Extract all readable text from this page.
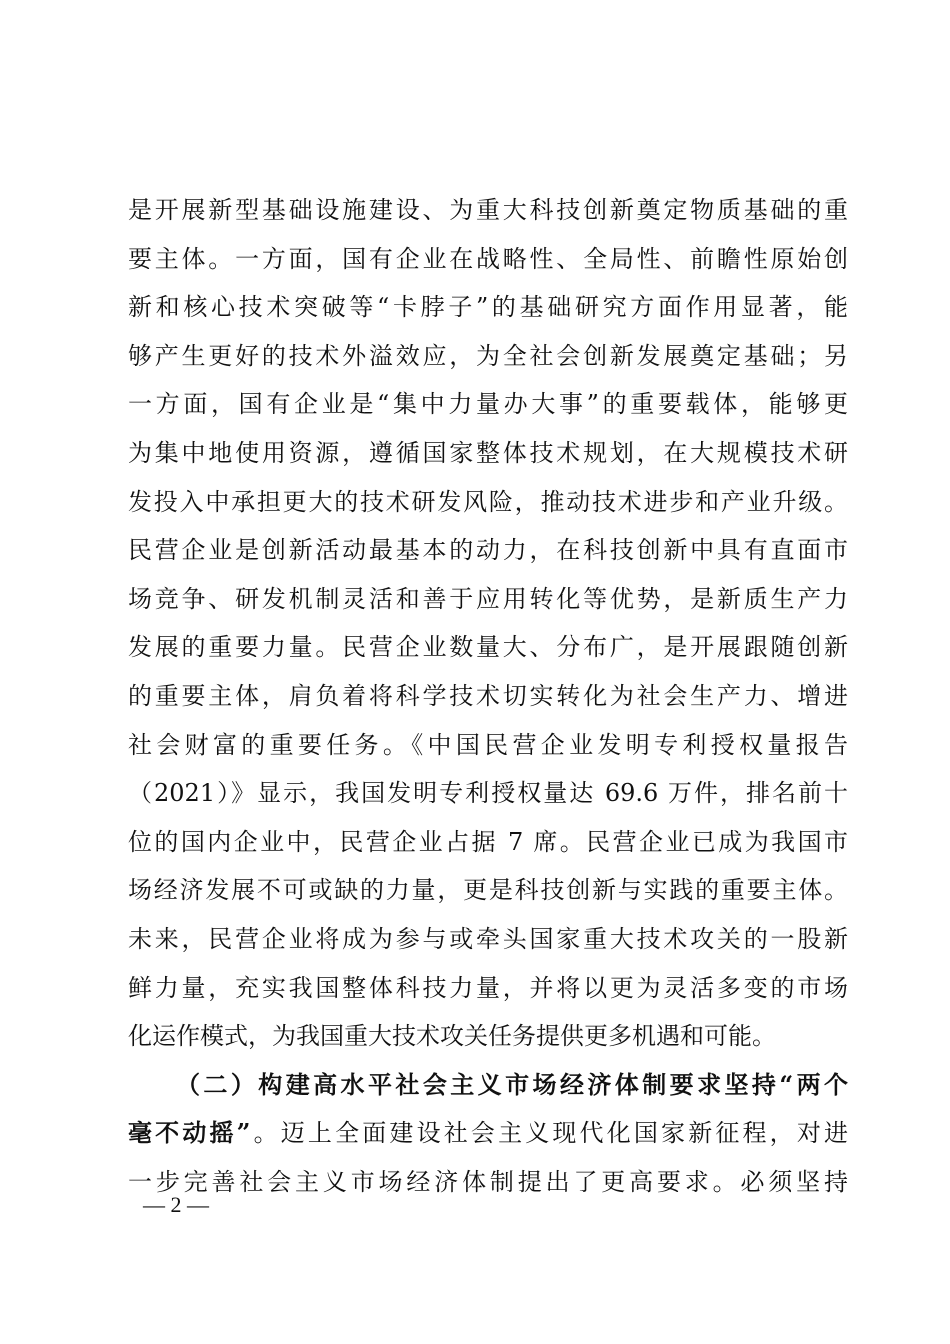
是开展新型基础设施建设、为重大科技创新奠定物质基础的重
要主体。一方面，国有企业在战略性、全局性、前瞻性原始创
新和核心技术突破等“卡脖子”的基础研究方面作用显著，能
够产生更好的技术外溢效应，为全社会创新发展奠定基础；另
一方面，国有企业是“集中力量办大事”的重要载体，能够更
为集中地使用资源，遵循国家整体技术规划，在大规模技术研
发投入中承担更大的技术研发风险，推动技术进步和产业升级。
民营企业是创新活动最基本的动力，在科技创新中具有直面市
场竞争、研发机制灵活和善于应用转化等优势，是新质生产力
发展的重要力量。民营企业数量大、分布广，是开展跟随创新
的重要主体，肩负着将科学技术切实转化为社会生产力、增进
社会财富的重要任务。《中国民营企业发明专利授权量报告
（2021）》显示，我国发明专利授权量达 69.6 万件，排名前十
位的国内企业中，民营企业占据 7 席。民营企业已成为我国市
场经济发展不可或缺的力量，更是科技创新与实践的重要主体。
未来，民营企业将成为参与或牵头国家重大技术攻关的一股新
鲜力量，充实我国整体科技力量，并将以更为灵活多变的市场
化运作模式，为我国重大技术攻关任务提供更多机遇和可能。
（二）构建高水平社会主义市场经济体制要求坚持“两个
毫不动摇”。迈上全面建设社会主义现代化国家新征程，对进
一步完善社会主义市场经济体制提出了更高要求。必须坚持
— 2 —
